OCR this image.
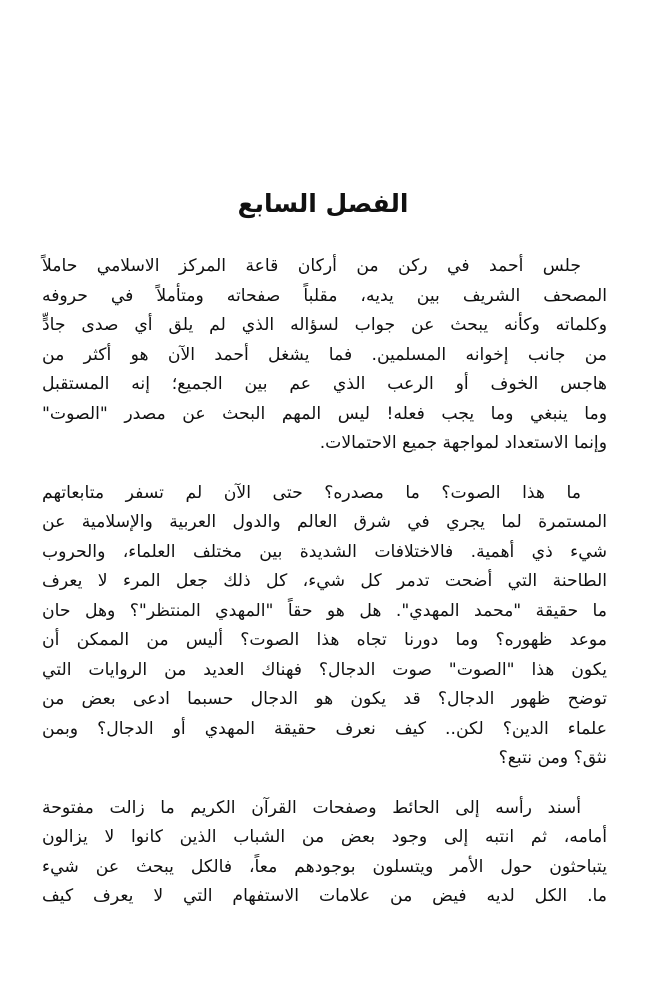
الفصل السابع

جلس أحمد في ركن من أركان قاعة المركز الاسلامي حاملاً
المصحف الشريف بين يديه، مقلباً صفحاته ومتأملاً في حروفه
وكلماته وكأنه يبحث عن جواب لسؤاله الذي لم يلق أي صدى جادٍّ
من جانب إخوانه المسلمين. فما يشغل أحمد الآن هو أكثر من
هاجس الخوف أو الرعب الذي عم بين الجميع؛ إنه المستقبل
وما ينبغي وما يجب فعله! ليس المهم البحث عن مصدر "الصوت"
وإنما الاستعداد لمواجهة جميع الاحتمالات.

ما هذا الصوت؟ ما مصدره؟ حتى الآن لم تسفر متابعاتهم
المستمرة لما يجري في شرق العالم والدول العربية والإسلامية عن
شيء ذي أهمية. فالاختلافات الشديدة بين مختلف العلماء، والحروب
الطاحنة التي أضحت تدمر كل شيء، كل ذلك جعل المرء لا يعرف
ما حقيقة "محمد المهدي". هل هو حقاً "المهدي المنتظر"؟ وهل حان
موعد ظهوره؟ وما دورنا تجاه هذا الصوت؟ أليس من الممكن أن
يكون هذا "الصوت" صوت الدجال؟ فهناك العديد من الروايات التي
توضح ظهور الدجال؟ قد يكون هو الدجال حسبما ادعى بعض من
علماء الدين؟ لكن.. كيف نعرف حقيقة المهدي أو الدجال؟ وبمن
نثق؟ ومن نتبع؟

أسند رأسه إلى الحائط وصفحات القرآن الكريم ما زالت مفتوحة
أمامه، ثم انتبه إلى وجود بعض من الشباب الذين كانوا لا يزالون
يتباحثون حول الأمر ويتسلون بوجودهم معاً، فالكل يبحث عن شيء
ما. الكل لديه فيض من علامات الاستفهام التي لا يعرف كيف
